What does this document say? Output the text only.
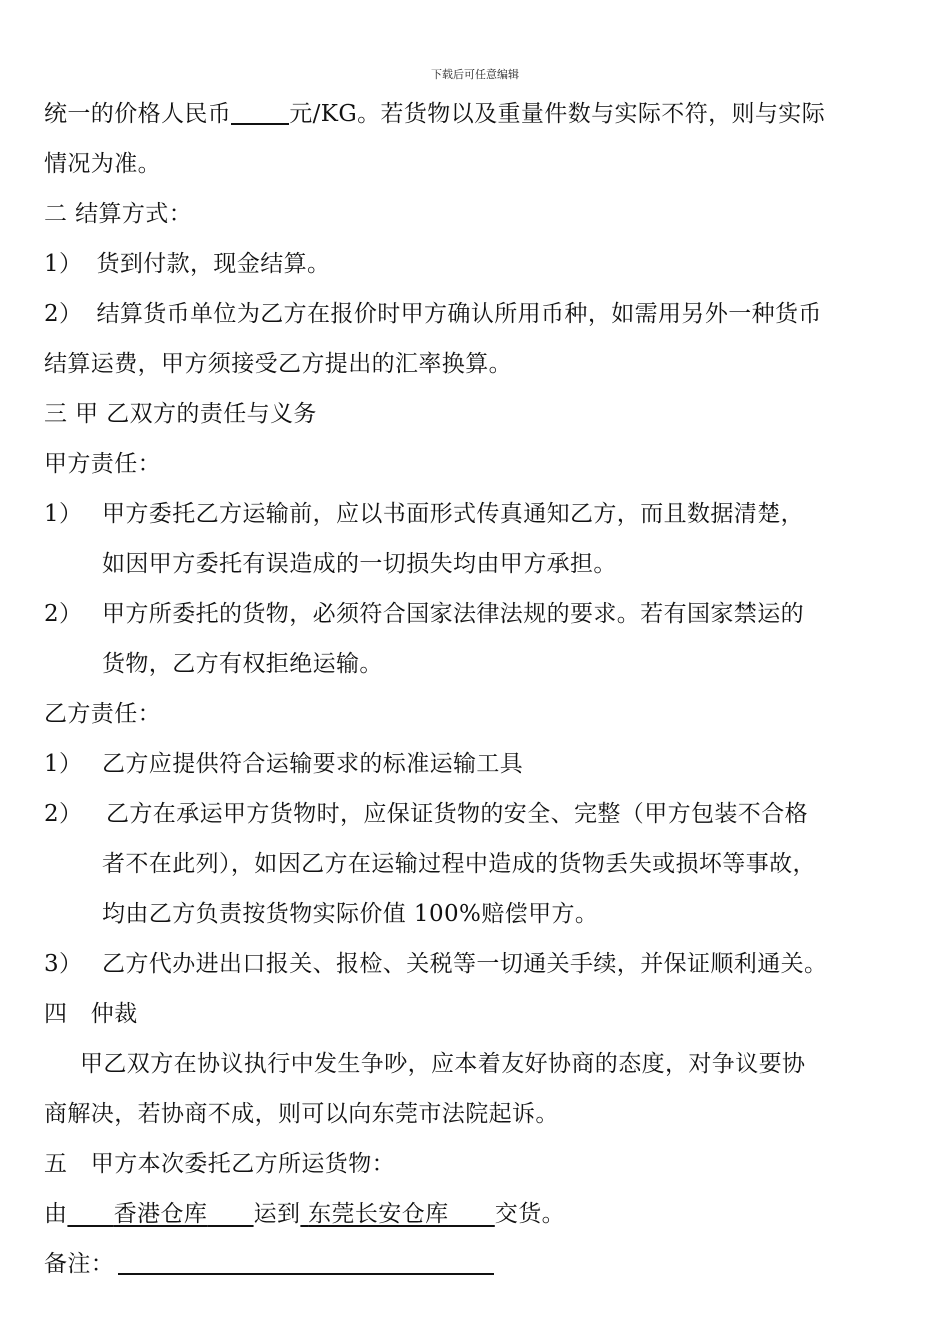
下载后可任意编辑
统一的价格人民币	元/KG。若货物以及重量件数与实际不符，则与实际
情况为准。
二 结算方式：
1） 货到付款，现金结算。
2） 结算货币单位为乙方在报价时甲方确认所用币种，如需用另外一种货币
结算运费，甲方须接受乙方提出的汇率换算。
三 甲 乙双方的责任与义务
甲方责任：
1） 甲方委托乙方运输前，应以书面形式传真通知乙方，而且数据清楚，
如因甲方委托有误造成的一切损失均由甲方承担。
2） 甲方所委托的货物，必须符合国家法律法规的要求。若有国家禁运的
货物，乙方有权拒绝运输。
乙方责任：
1） 乙方应提供符合运输要求的标准运输工具
2） 乙方在承运甲方货物时，应保证货物的安全、完整（甲方包装不合格
者不在此列），如因乙方在运输过程中造成的货物丢失或损坏等事故，
均由乙方负责按货物实际价值 100%赔偿甲方。
3） 乙方代办进出口报关、报检、关税等一切通关手续，并保证顺利通关。
四　仲裁
甲乙双方在协议执行中发生争吵，应本着友好协商的态度，对争议要协
商解决，若协商不成，则可以向东莞市法院起诉。
五　甲方本次委托乙方所运货物：
由 香港仓库 运到 东莞长安仓库 交货。
备注：
